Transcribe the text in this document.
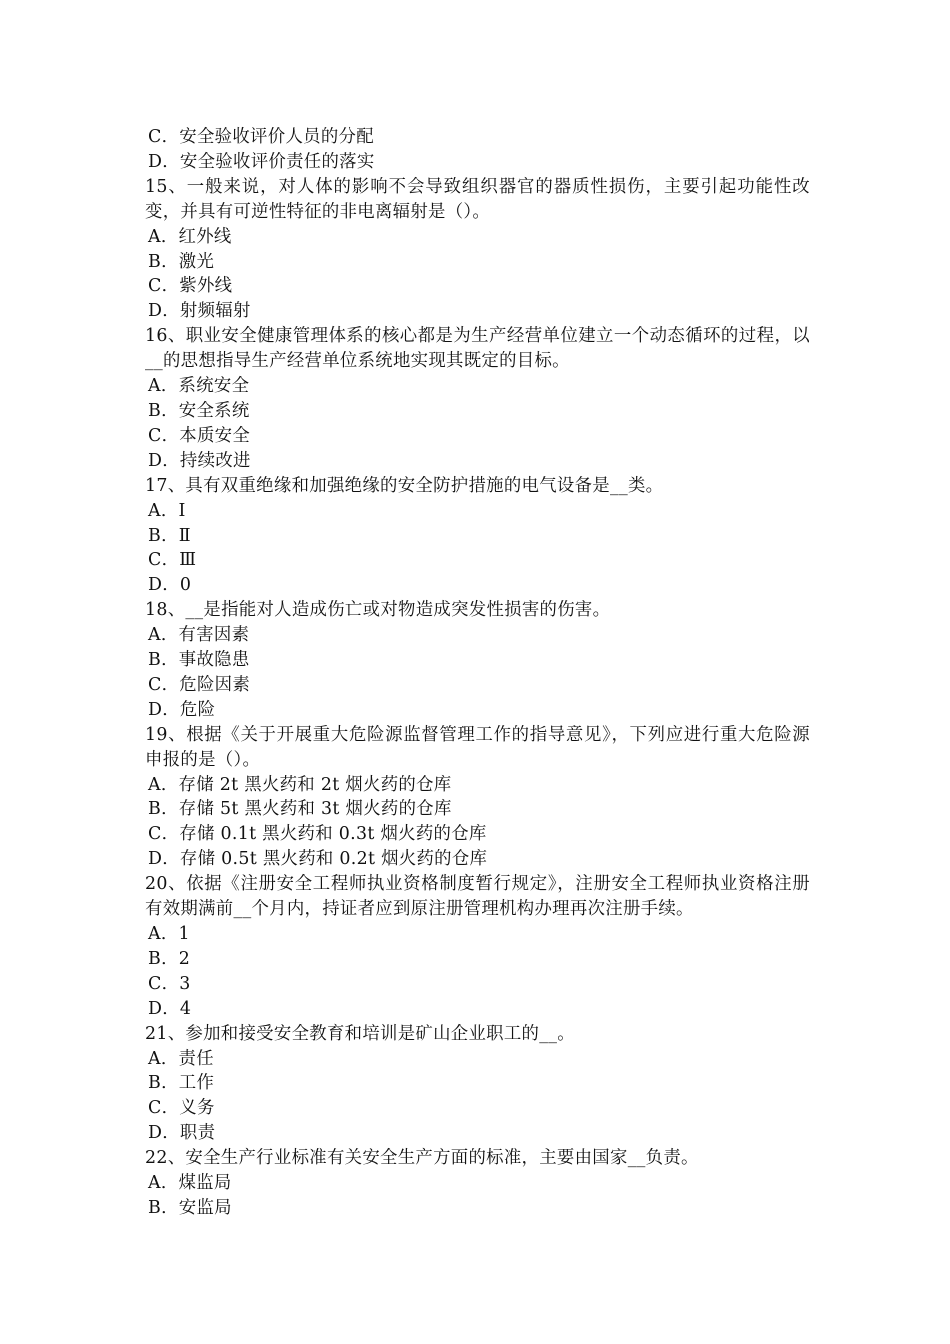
C．安全验收评价人员的分配

D．安全验收评价责任的落实

15、一般来说，对人体的影响不会导致组织器官的器质性损伤，主要引起功能性改变，并具有可逆性特征的非电离辐射是（）。

A．红外线

B．激光

C．紫外线

D．射频辐射

16、职业安全健康管理体系的核心都是为生产经营单位建立一个动态循环的过程，以__的思想指导生产经营单位系统地实现其既定的目标。

A．系统安全

B．安全系统

C．本质安全

D．持续改进

17、具有双重绝缘和加强绝缘的安全防护措施的电气设备是__类。

A．Ⅰ

B．Ⅱ

C．Ⅲ

D．0

18、__是指能对人造成伤亡或对物造成突发性损害的伤害。

A．有害因素

B．事故隐患

C．危险因素

D．危险

19、根据《关于开展重大危险源监督管理工作的指导意见》，下列应进行重大危险源申报的是（）。

A．存储 2t 黑火药和 2t 烟火药的仓库

B．存储 5t 黑火药和 3t 烟火药的仓库

C．存储 0.1t 黑火药和 0.3t 烟火药的仓库

D．存储 0.5t 黑火药和 0.2t 烟火药的仓库

20、依据《注册安全工程师执业资格制度暂行规定》，注册安全工程师执业资格注册有效期满前__个月内，持证者应到原注册管理机构办理再次注册手续。

A．1

B．2

C．3

D．4

21、参加和接受安全教育和培训是矿山企业职工的__。

A．责任

B．工作

C．义务

D．职责

22、安全生产行业标准有关安全生产方面的标准，主要由国家__负责。

A．煤监局

B．安监局
